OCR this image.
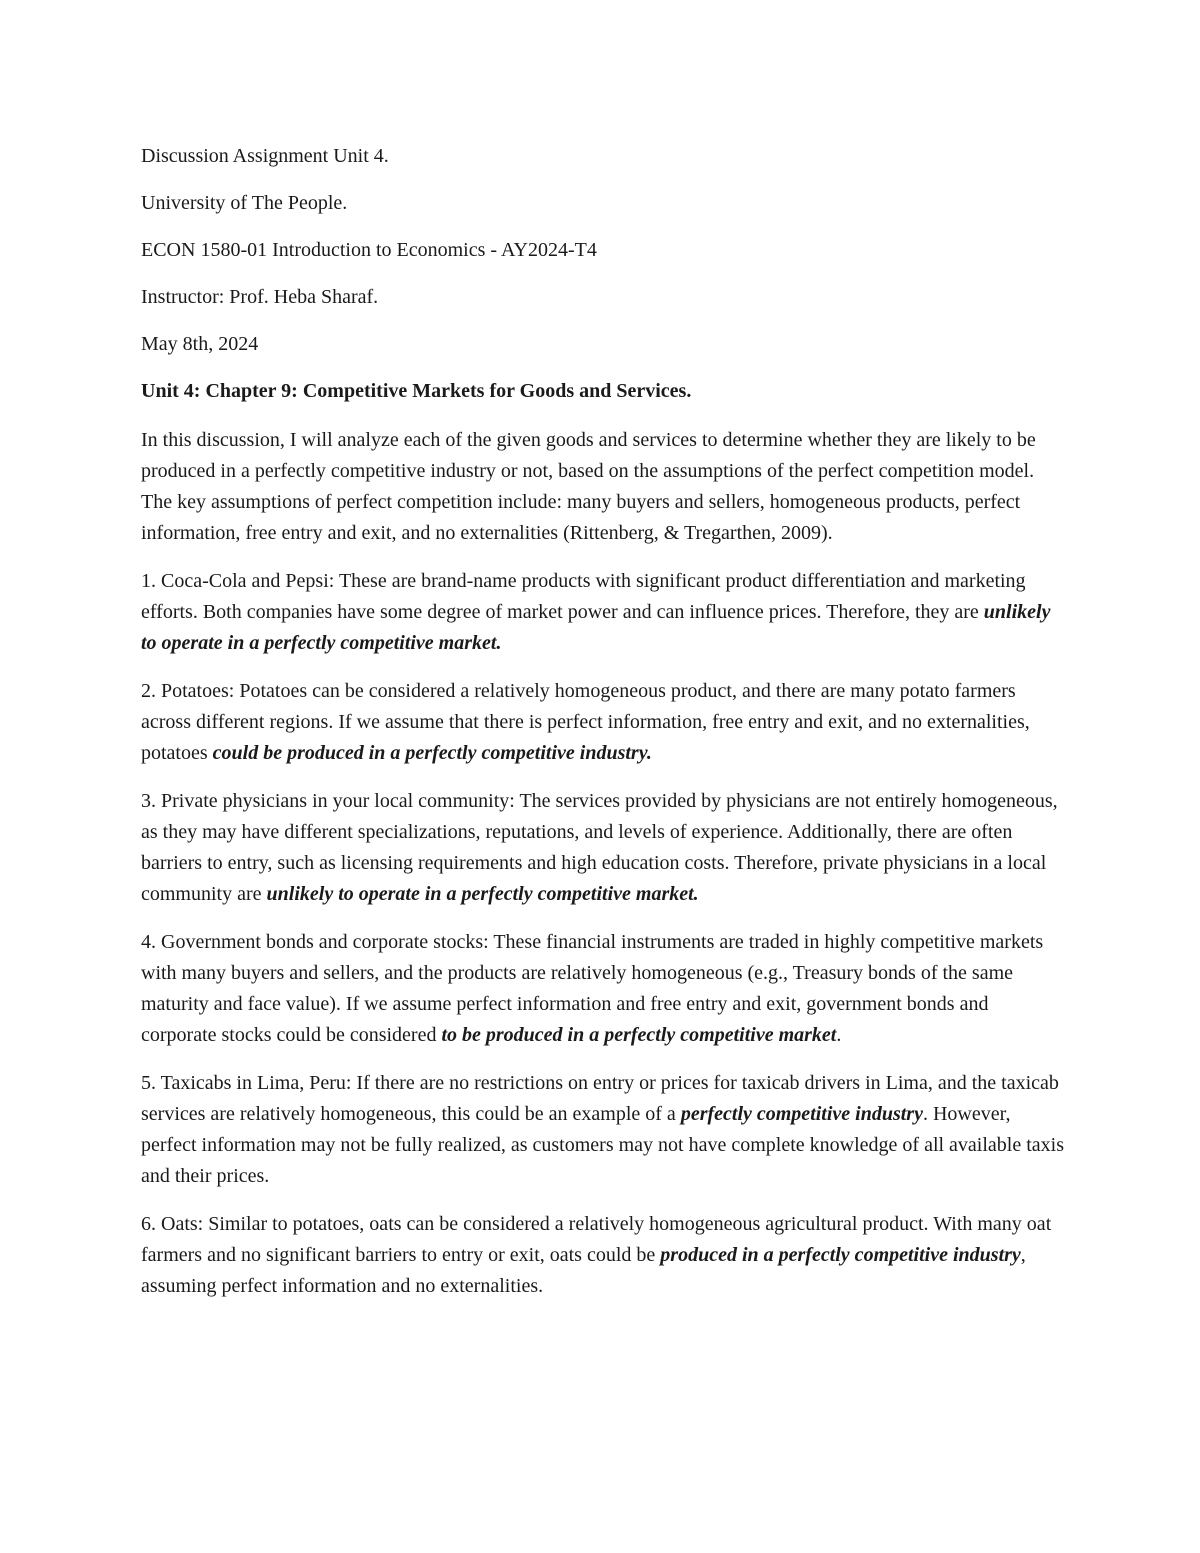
Discussion Assignment Unit 4.

University of The People.

ECON 1580-01 Introduction to Economics - AY2024-T4

Instructor: Prof. Heba Sharaf.

May 8th, 2024

Unit 4: Chapter 9: Competitive Markets for Goods and Services.

In this discussion, I will analyze each of the given goods and services to determine whether they are likely to be produced in a perfectly competitive industry or not, based on the assumptions of the perfect competition model. The key assumptions of perfect competition include: many buyers and sellers, homogeneous products, perfect information, free entry and exit, and no externalities (Rittenberg, & Tregarthen, 2009).

1. Coca-Cola and Pepsi: These are brand-name products with significant product differentiation and marketing efforts. Both companies have some degree of market power and can influence prices. Therefore, they are unlikely to operate in a perfectly competitive market.

2. Potatoes: Potatoes can be considered a relatively homogeneous product, and there are many potato farmers across different regions. If we assume that there is perfect information, free entry and exit, and no externalities, potatoes could be produced in a perfectly competitive industry.

3. Private physicians in your local community: The services provided by physicians are not entirely homogeneous, as they may have different specializations, reputations, and levels of experience. Additionally, there are often barriers to entry, such as licensing requirements and high education costs. Therefore, private physicians in a local community are unlikely to operate in a perfectly competitive market.

4. Government bonds and corporate stocks: These financial instruments are traded in highly competitive markets with many buyers and sellers, and the products are relatively homogeneous (e.g., Treasury bonds of the same maturity and face value). If we assume perfect information and free entry and exit, government bonds and corporate stocks could be considered to be produced in a perfectly competitive market.

5. Taxicabs in Lima, Peru: If there are no restrictions on entry or prices for taxicab drivers in Lima, and the taxicab services are relatively homogeneous, this could be an example of a perfectly competitive industry. However, perfect information may not be fully realized, as customers may not have complete knowledge of all available taxis and their prices.

6. Oats: Similar to potatoes, oats can be considered a relatively homogeneous agricultural product. With many oat farmers and no significant barriers to entry or exit, oats could be produced in a perfectly competitive industry, assuming perfect information and no externalities.
